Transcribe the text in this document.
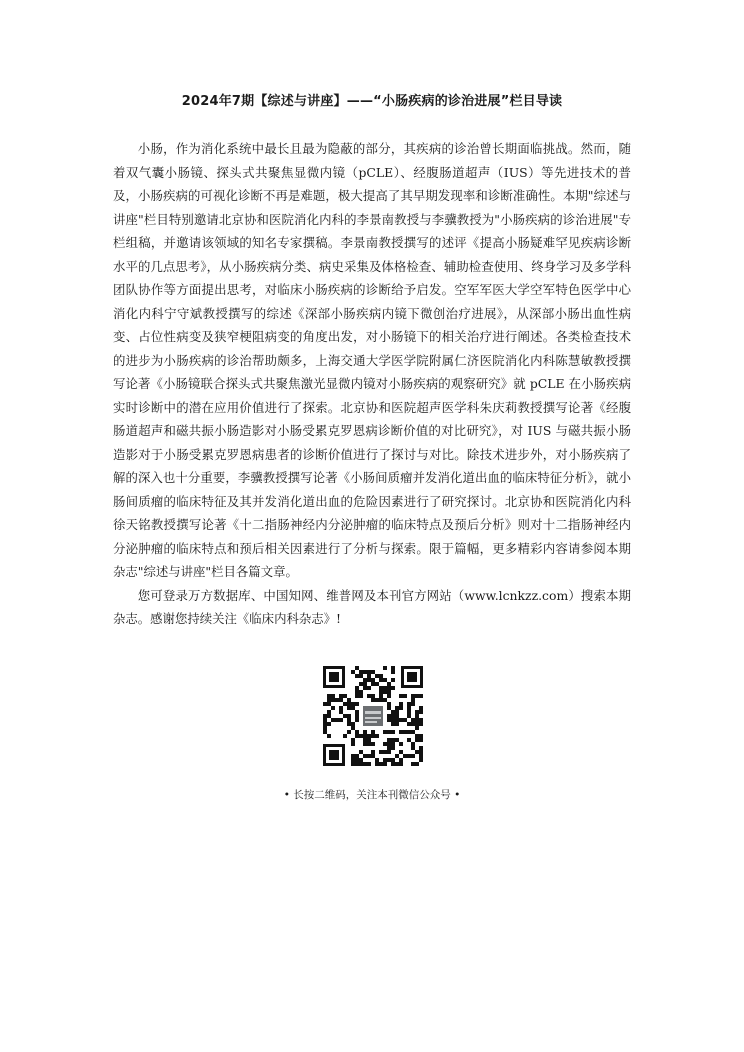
2024年7期【综述与讲座】——“小肠疾病的诊治进展”栏目导读

小肠，作为消化系统中最长且最为隐蔽的部分，其疾病的诊治曾长期面临挑战。然而，随着双气囊小肠镜、探头式共聚焦显微内镜（pCLE）、经腹肠道超声（IUS）等先进技术的普及，小肠疾病的可视化诊断不再是难题，极大提高了其早期发现率和诊断准确性。本期"综述与讲座"栏目特别邀请北京协和医院消化内科的李景南教授与李骥教授为"小肠疾病的诊治进展"专栏组稿，并邀请该领域的知名专家撰稿。李景南教授撰写的述评《提高小肠疑难罕见疾病诊断水平的几点思考》，从小肠疾病分类、病史采集及体格检查、辅助检查使用、终身学习及多学科团队协作等方面提出思考，对临床小肠疾病的诊断给予启发。空军军医大学空军特色医学中心消化内科宁守斌教授撰写的综述《深部小肠疾病内镜下微创治疗进展》，从深部小肠出血性病变、占位性病变及狭窄梗阻病变的角度出发，对小肠镜下的相关治疗进行阐述。各类检查技术的进步为小肠疾病的诊治帮助颇多，上海交通大学医学院附属仁济医院消化内科陈慧敏教授撰写论著《小肠镜联合探头式共聚焦激光显微内镜对小肠疾病的观察研究》就 pCLE 在小肠疾病实时诊断中的潜在应用价值进行了探索。北京协和医院超声医学科朱庆莉教授撰写论著《经腹肠道超声和磁共振小肠造影对小肠受累克罗恩病诊断价值的对比研究》，对 IUS 与磁共振小肠造影对于小肠受累克罗恩病患者的诊断价值进行了探讨与对比。除技术进步外，对小肠疾病了解的深入也十分重要，李骥教授撰写论著《小肠间质瘤并发消化道出血的临床特征分析》，就小肠间质瘤的临床特征及其并发消化道出血的危险因素进行了研究探讨。北京协和医院消化内科徐天铭教授撰写论著《十二指肠神经内分泌肿瘤的临床特点及预后分析》则对十二指肠神经内分泌肿瘤的临床特点和预后相关因素进行了分析与探索。限于篇幅，更多精彩内容请参阅本期杂志"综述与讲座"栏目各篇文章。

您可登录万方数据库、中国知网、维普网及本刊官方网站（www.lcnkzz.com）搜索本期杂志。感谢您持续关注《临床内科杂志》!

• 长按二维码，关注本刊微信公众号 •
